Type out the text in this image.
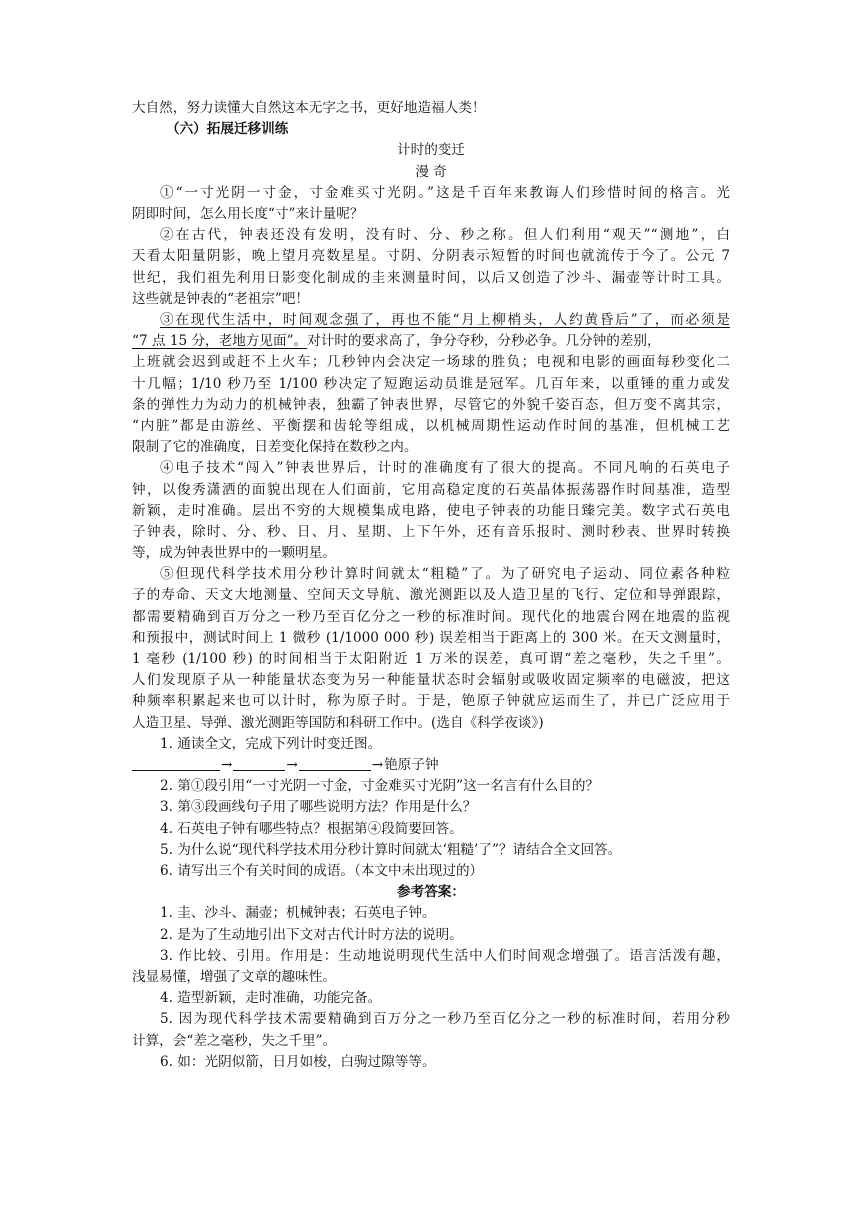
大自然，努力读懂大自然这本无字之书，更好地造福人类！
（六）拓展迁移训练
计时的变迁
漫 奇
①“一寸光阴一寸金，寸金难买寸光阴。”这是千百年来教诲人们珍惜时间的格言。光
阴即时间，怎么用长度“寸”来计量呢？
②在古代，钟表还没有发明，没有时、分、秒之称。但人们利用“观天”“测地”，白
天看太阳量阴影，晚上望月亮数星星。寸阴、分阴表示短暂的时间也就流传于今了。公元 7
世纪，我们祖先利用日影变化制成的圭来测量时间，以后又创造了沙斗、漏壶等计时工具。
这些就是钟表的“老祖宗”吧！
③在现代生活中，时间观念强了，再也不能“月上柳梢头，人约黄昏后”了，而必须是
“7 点 15 分，老地方见面”。对计时的要求高了，争分夺秒，分秒必争。几分钟的差别，
上班就会迟到或赶不上火车；几秒钟内会决定一场球的胜负；电视和电影的画面每秒变化二
十几幅；1/10 秒乃至 1/100 秒决定了短跑运动员谁是冠军。几百年来，以重锤的重力或发
条的弹性力为动力的机械钟表，独霸了钟表世界，尽管它的外貌千姿百态，但万变不离其宗，
“内脏”都是由游丝、平衡摆和齿轮等组成，以机械周期性运动作时间的基准，但机械工艺
限制了它的准确度，日差变化保持在数秒之内。
④电子技术“闯入”钟表世界后，计时的准确度有了很大的提高。不同凡响的石英电子
钟，以俊秀潇洒的面貌出现在人们面前，它用高稳定度的石英晶体振荡器作时间基准，造型
新颖，走时准确。层出不穷的大规模集成电路，使电子钟表的功能日臻完美。数字式石英电
子钟表，除时、分、秒、日、月、星期、上下午外，还有音乐报时、测时秒表、世界时转换
等，成为钟表世界中的一颗明星。
⑤但现代科学技术用分秒计算时间就太“粗糙”了。为了研究电子运动、同位素各种粒
子的寿命、天文大地测量、空间天文导航、激光测距以及人造卫星的飞行、定位和导弹跟踪，
都需要精确到百万分之一秒乃至百亿分之一秒的标准时间。现代化的地震台网在地震的监视
和预报中，测试时间上 1 微秒 (1/1000 000 秒) 误差相当于距离上的 300 米。在天文测量时，
1 毫秒 (1/100 秒) 的时间相当于太阳附近 1 万米的误差，真可谓“差之毫秒，失之千里”。
人们发现原子从一种能量状态变为另一种能量状态时会辐射或吸收固定频率的电磁波，把这
种频率积累起来也可以计时，称为原子时。于是，铯原子钟就应运而生了，并已广泛应用于
人造卫星、导弹、激光测距等国防和科研工作中。(选自《科学夜谈》)
1. 通读全文，完成下列计时变迁图。
→	→	→铯原子钟
2. 第①段引用“一寸光阴一寸金，寸金难买寸光阴”这一名言有什么目的？
3. 第③段画线句子用了哪些说明方法？作用是什么？
4. 石英电子钟有哪些特点？根据第④段简要回答。
5. 为什么说“现代科学技术用分秒计算时间就太‘粗糙’了”？请结合全文回答。
6. 请写出三个有关时间的成语。（本文中未出现过的）
参考答案：
1. 圭、沙斗、漏壶；机械钟表；石英电子钟。
2. 是为了生动地引出下文对古代计时方法的说明。
3. 作比较、引用。作用是：生动地说明现代生活中人们时间观念增强了。语言活泼有趣，
浅显易懂，增强了文章的趣味性。
4. 造型新颖，走时准确，功能完备。
5. 因为现代科学技术需要精确到百万分之一秒乃至百亿分之一秒的标准时间，若用分秒
计算，会“差之毫秒，失之千里”。
6. 如：光阴似箭，日月如梭，白驹过隙等等。
